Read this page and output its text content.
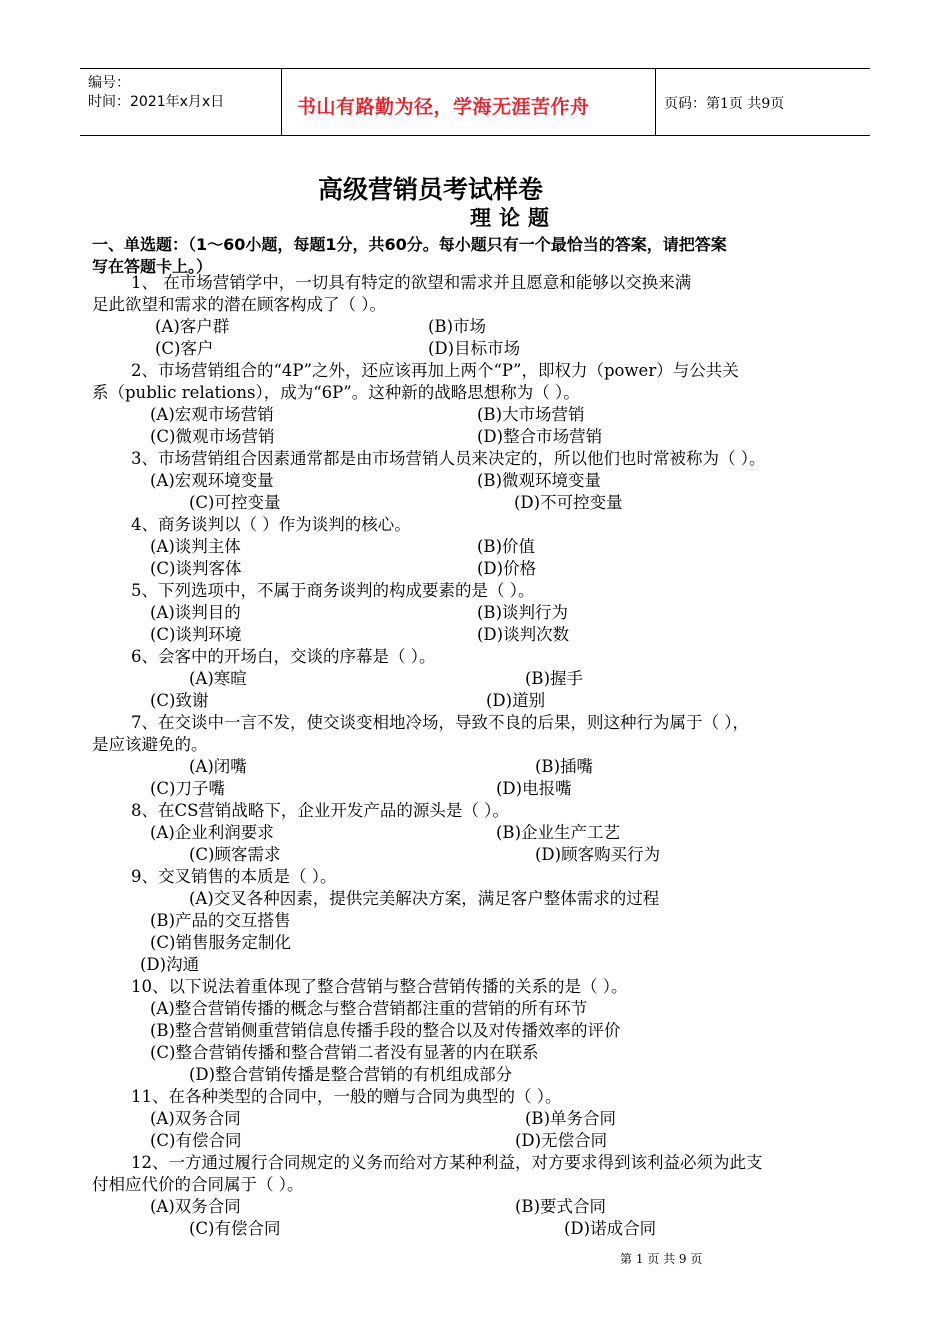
编号：
时间：2021年x月x日	书山有路勤为径，学海无涯苦作舟	页码：第1页 共9页
高级营销员考试样卷
理论题
一、单选题：（1～60小题，每题1分，共60分。每小题只有一个最恰当的答案，请把答案
写在答题卡上。）
1、 在市场营销学中，一切具有特定的欲望和需求并且愿意和能够以交换来满
足此欲望和需求的潜在顾客构成了（ ）。
(A)客户群	(B)市场
(C)客户	(D)目标市场
2、市场营销组合的“4P”之外，还应该再加上两个“P”，即权力（power）与公共关
系（public relations），成为“6P”。这种新的战略思想称为（ ）。
(A)宏观市场营销	(B)大市场营销
(C)微观市场营销	(D)整合市场营销
3、市场营销组合因素通常都是由市场营销人员来决定的，所以他们也时常被称为（ ）。
(A)宏观环境变量	(B)微观环境变量
(C)可控变量	(D)不可控变量
4、商务谈判以（ ）作为谈判的核心。
(A)谈判主体	(B)价值
(C)谈判客体	(D)价格
5、下列选项中，不属于商务谈判的构成要素的是（ ）。
(A)谈判目的	(B)谈判行为
(C)谈判环境	(D)谈判次数
6、会客中的开场白，交谈的序幕是（ ）。
(A)寒暄	(B)握手
(C)致谢	(D)道别
7、在交谈中一言不发，使交谈变相地冷场，导致不良的后果，则这种行为属于（ ），
是应该避免的。
(A)闭嘴	(B)插嘴
(C)刀子嘴	(D)电报嘴
8、在CS营销战略下，企业开发产品的源头是（ ）。
(A)企业利润要求	(B)企业生产工艺
(C)顾客需求	(D)顾客购买行为
9、交叉销售的本质是（ ）。
(A)交叉各种因素，提供完美解决方案，满足客户整体需求的过程
(B)产品的交互搭售
(C)销售服务定制化
(D)沟通
10、以下说法着重体现了整合营销与整合营销传播的关系的是（ ）。
(A)整合营销传播的概念与整合营销都注重的营销的所有环节
(B)整合营销侧重营销信息传播手段的整合以及对传播效率的评价
(C)整合营销传播和整合营销二者没有显著的内在联系
(D)整合营销传播是整合营销的有机组成部分
11、在各种类型的合同中，一般的赠与合同为典型的（ ）。
(A)双务合同	(B)单务合同
(C)有偿合同	(D)无偿合同
12、一方通过履行合同规定的义务而给对方某种利益，对方要求得到该利益必须为此支
付相应代价的合同属于（ ）。
(A)双务合同	(B)要式合同
(C)有偿合同	(D)诺成合同
第 1 页 共 9 页
